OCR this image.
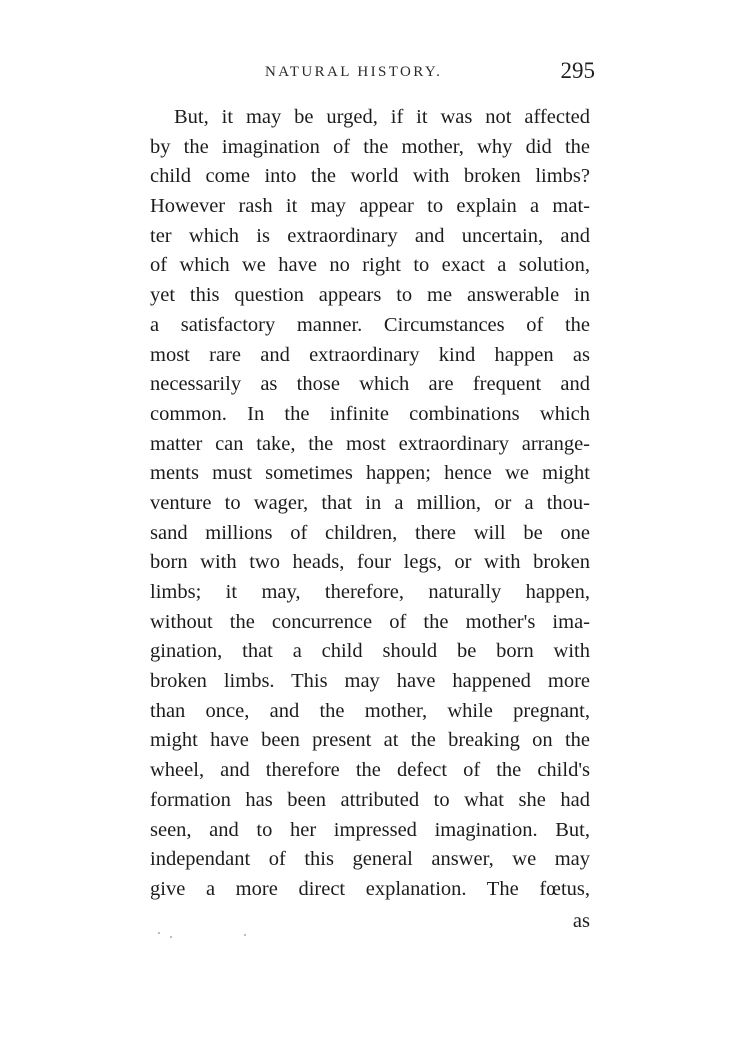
NATURAL HISTORY.	295
But, it may be urged, if it was not affected
by the imagination of the mother, why did the
child come into the world with broken limbs?
However rash it may appear to explain a mat-
ter which is extraordinary and uncertain, and
of which we have no right to exact a solution,
yet this question appears to me answerable in
a satisfactory manner. Circumstances of the
most rare and extraordinary kind happen as
necessarily as those which are frequent and
common. In the infinite combinations which
matter can take, the most extraordinary arrange-
ments must sometimes happen; hence we might
venture to wager, that in a million, or a thou-
sand millions of children, there will be one
born with two heads, four legs, or with broken
limbs; it may, therefore, naturally happen,
without the concurrence of the mother's ima-
gination, that a child should be born with
broken limbs. This may have happened more
than once, and the mother, while pregnant,
might have been present at the breaking on the
wheel, and therefore the defect of the child's
formation has been attributed to what she had
seen, and to her impressed imagination. But,
independant of this general answer, we may
give a more direct explanation. The fœtus,
as
